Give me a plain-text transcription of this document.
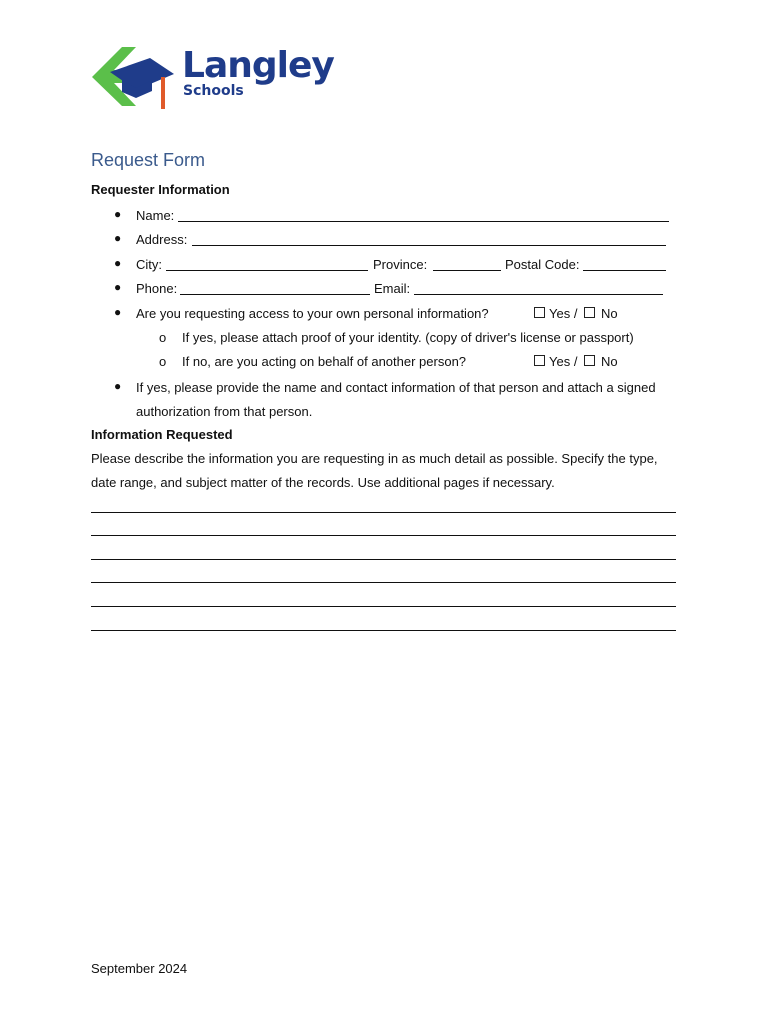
Langley
Schools
Request Form
Requester Information
● Name:
● Address:
● City:	Province:	Postal Code:
● Phone:	Email:
● Are you requesting access to your own personal information?	Yes / No
o If yes, please attach proof of your identity. (copy of driver's license or passport)
o If no, are you acting on behalf of another person?	Yes / No
● If yes, please provide the name and contact information of that person and attach a signed
authorization from that person.
Information Requested
Please describe the information you are requesting in as much detail as possible. Specify the type,
date range, and subject matter of the records. Use additional pages if necessary.
September 2024
